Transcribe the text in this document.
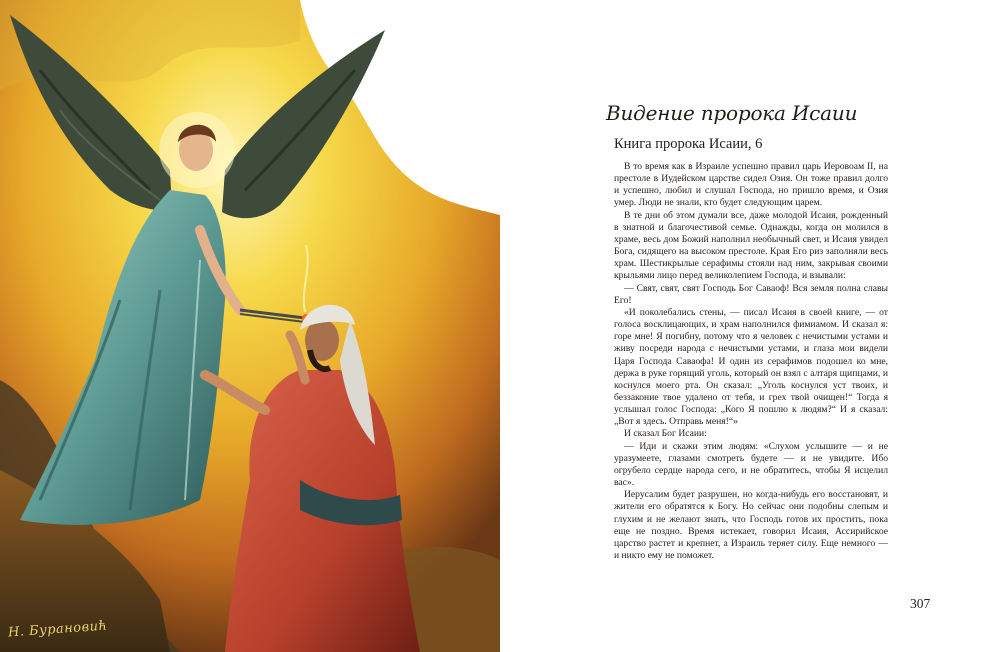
Н. Бурановић
Видение пророка Исаии
Книга пророка Исаии, 6

В то время как в Израиле успешно правил царь Иеровоам II, на престоле в Иудейском царстве сидел Озия. Он тоже правил долго и успешно, любил и слушал Господа, но пришло время, и Озия умер. Люди не знали, кто будет следующим царем.

В те дни об этом думали все, даже молодой Исаия, рожденный в знатной и благочестивой семье. Однажды, когда он молился в храме, весь дом Божий наполнил необычный свет, и Исаия увидел Бога, сидящего на высоком престоле. Края Его риз заполняли весь храм. Шестикрылые серафимы стояли над ним, закрывая своими крыльями лицо перед великолепием Господа, и взывали:

— Свят, свят, свят Господь Бог Саваоф! Вся земля полна славы Его!

«И поколебались стены, — писал Исаия в своей книге, — от голоса восклицающих, и храм наполнился фимиамом. И сказал я: горе мне! Я погибну, потому что я человек с нечистыми устами и живу посреди народа с нечистыми устами, и глаза мои видели Царя Господа Саваофа! И один из серафимов подошел ко мне, держа в руке горящий уголь, который он взял с алтаря щипцами, и коснулся моего рта. Он сказал: „Уголь коснулся уст твоих, и беззаконие твое удалено от тебя, и грех твой очищен!“ Тогда я услышал голос Господа: „Кого Я пошлю к людям?“ И я сказал: „Вот я здесь. Отправь меня!“»

И сказал Бог Исаии:

— Иди и скажи этим людям: «Слухом услышите — и не уразумеете, глазами смотреть будете — и не увидите. Ибо огрубело сердце народа сего, и не обратитесь, чтобы Я исцелил вас».

Иерусалим будет разрушен, но когда-нибудь его восстановят, и жители его обратятся к Богу. Но сейчас они подобны слепым и глухим и не желают знать, что Господь готов их простить, пока еще не поздно. Время истекает, говорил Исаия, Ассирийское царство растет и крепнет, а Израиль теряет силу. Еще немного — и никто ему не поможет.

307
